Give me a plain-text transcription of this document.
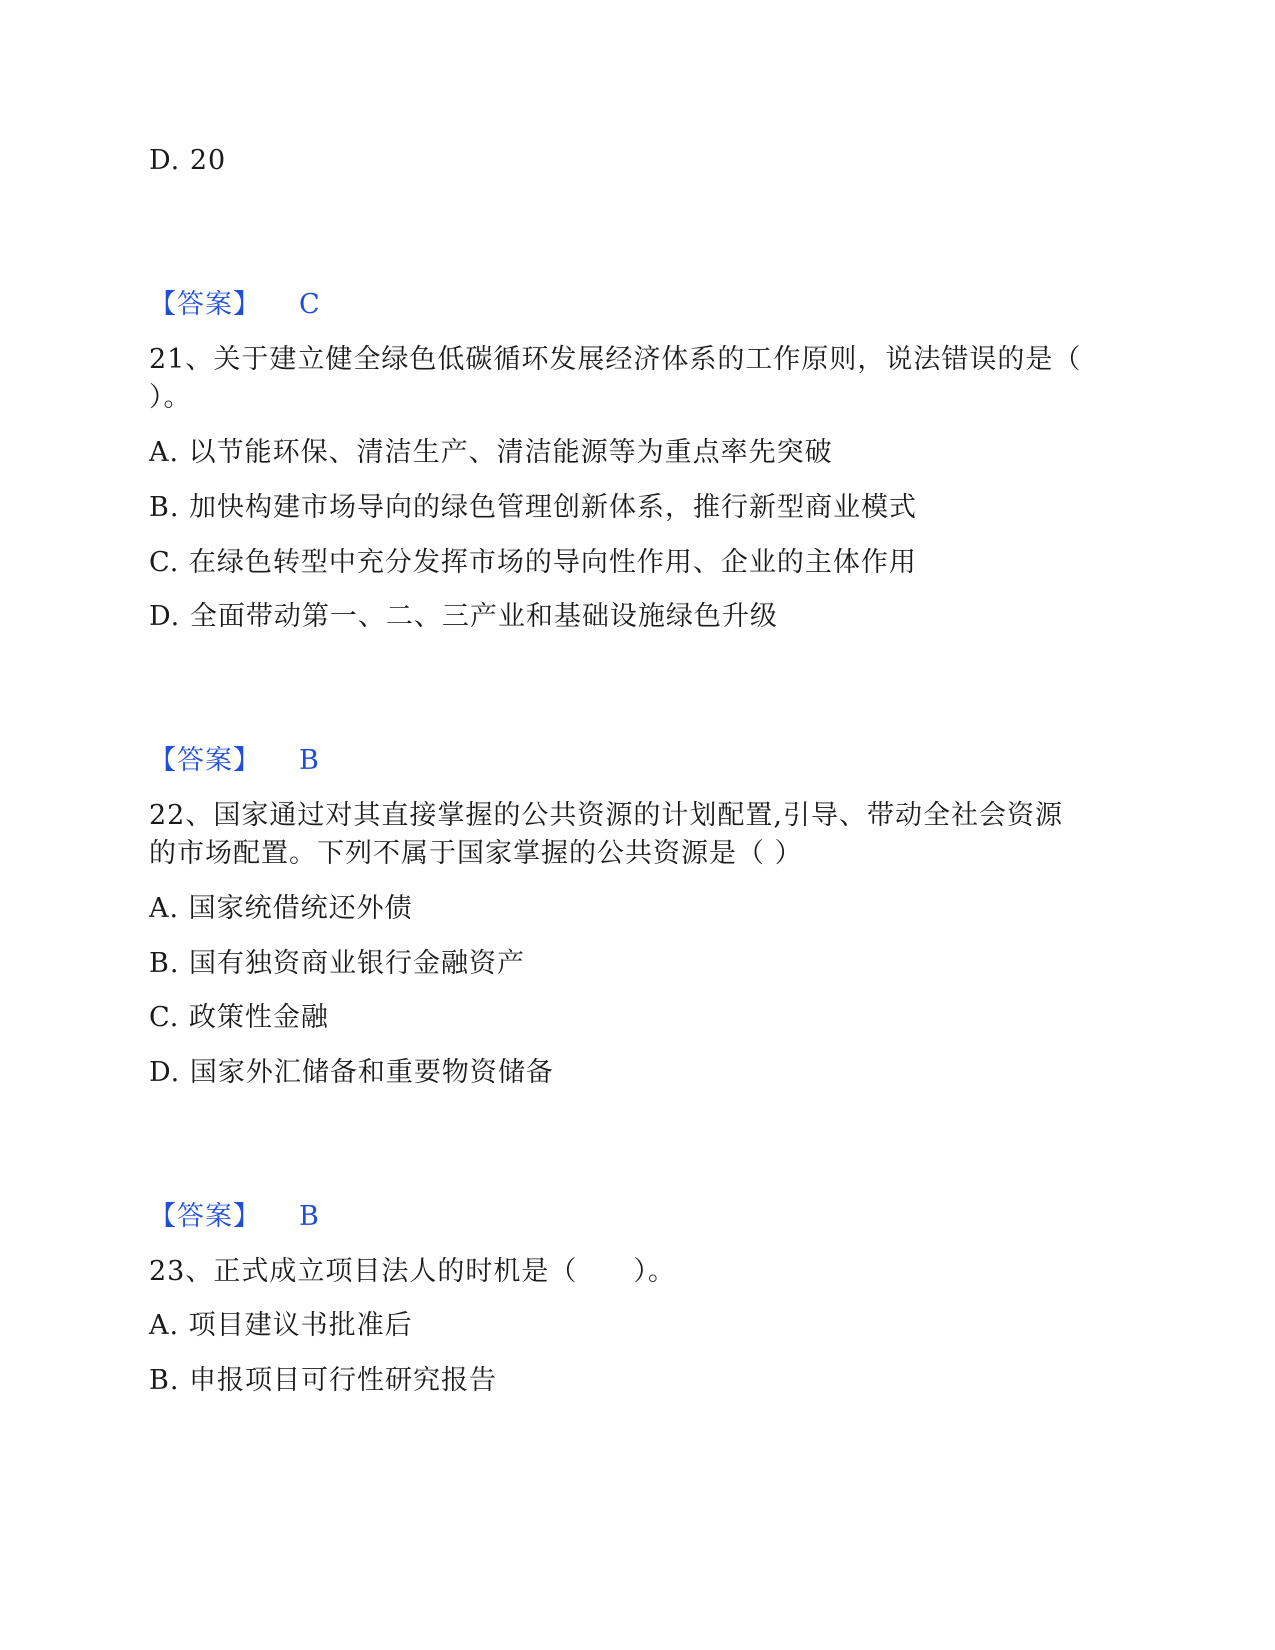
D. 20
【答案】 C
21、关于建立健全绿色低碳循环发展经济体系的工作原则，说法错误的是（
）。
A. 以节能环保、清洁生产、清洁能源等为重点率先突破
B. 加快构建市场导向的绿色管理创新体系，推行新型商业模式
C. 在绿色转型中充分发挥市场的导向性作用、企业的主体作用
D. 全面带动第一、二、三产业和基础设施绿色升级
【答案】 B
22、国家通过对其直接掌握的公共资源的计划配置,引导、带动全社会资源
的市场配置。下列不属于国家掌握的公共资源是（ ）
A. 国家统借统还外债
B. 国有独资商业银行金融资产
C. 政策性金融
D. 国家外汇储备和重要物资储备
【答案】 B
23、正式成立项目法人的时机是（　　）。
A. 项目建议书批准后
B. 申报项目可行性研究报告
